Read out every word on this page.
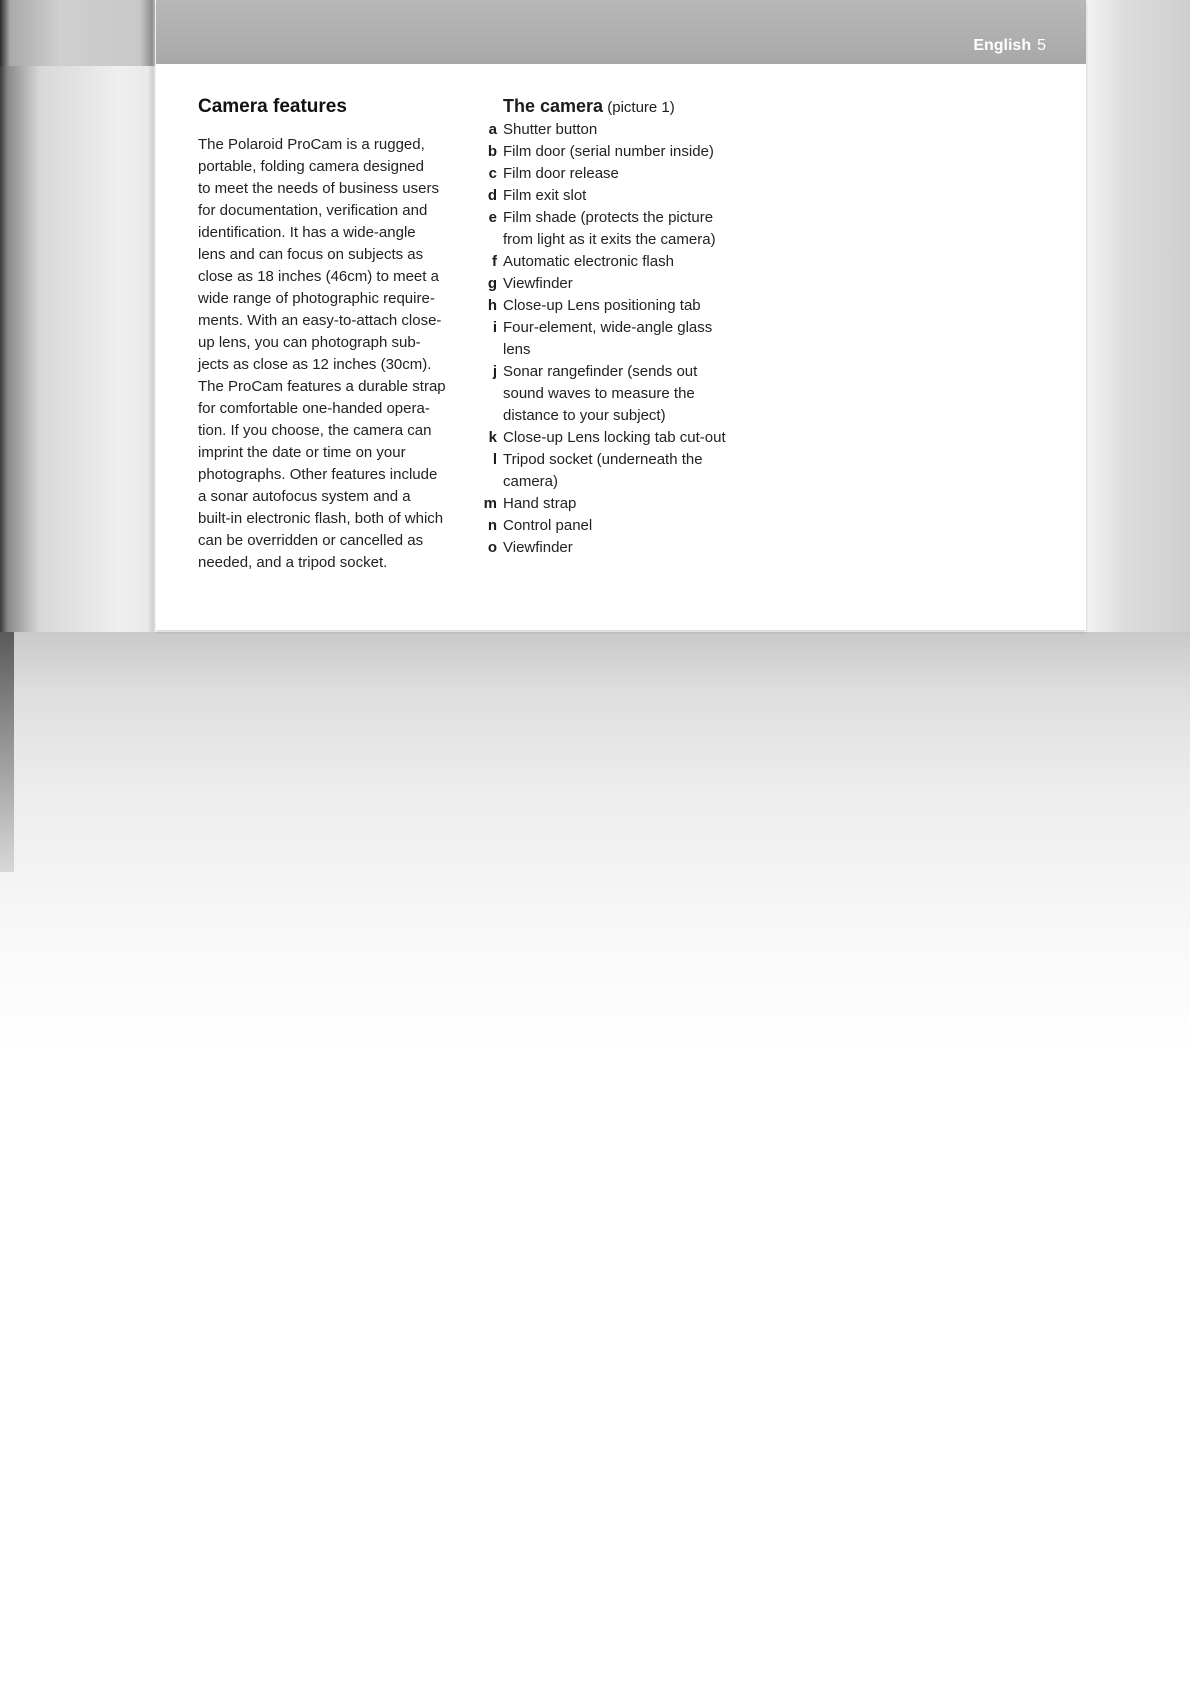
English 5
Camera features
The Polaroid ProCam is a rugged,
portable, folding camera designed
to meet the needs of business users
for documentation, verification and
identification. It has a wide-angle
lens and can focus on subjects as
close as 18 inches (46cm) to meet a
wide range of photographic require-
ments. With an easy-to-attach close-
up lens, you can photograph sub-
jects as close as 12 inches (30cm).
The ProCam features a durable strap
for comfortable one-handed opera-
tion. If you choose, the camera can
imprint the date or time on your
photographs. Other features include
a sonar autofocus system and a
built-in electronic flash, both of which
can be overridden or cancelled as
needed, and a tripod socket.
The camera (picture 1)
a Shutter button
b Film door (serial number inside)
c Film door release
d Film exit slot
e Film shade (protects the picture
from light as it exits the camera)
f Automatic electronic flash
g Viewfinder
h Close-up Lens positioning tab
i Four-element, wide-angle glass
lens
j Sonar rangefinder (sends out
sound waves to measure the
distance to your subject)
k Close-up Lens locking tab cut-out
l Tripod socket (underneath the
camera)
m Hand strap
n Control panel
o Viewfinder
